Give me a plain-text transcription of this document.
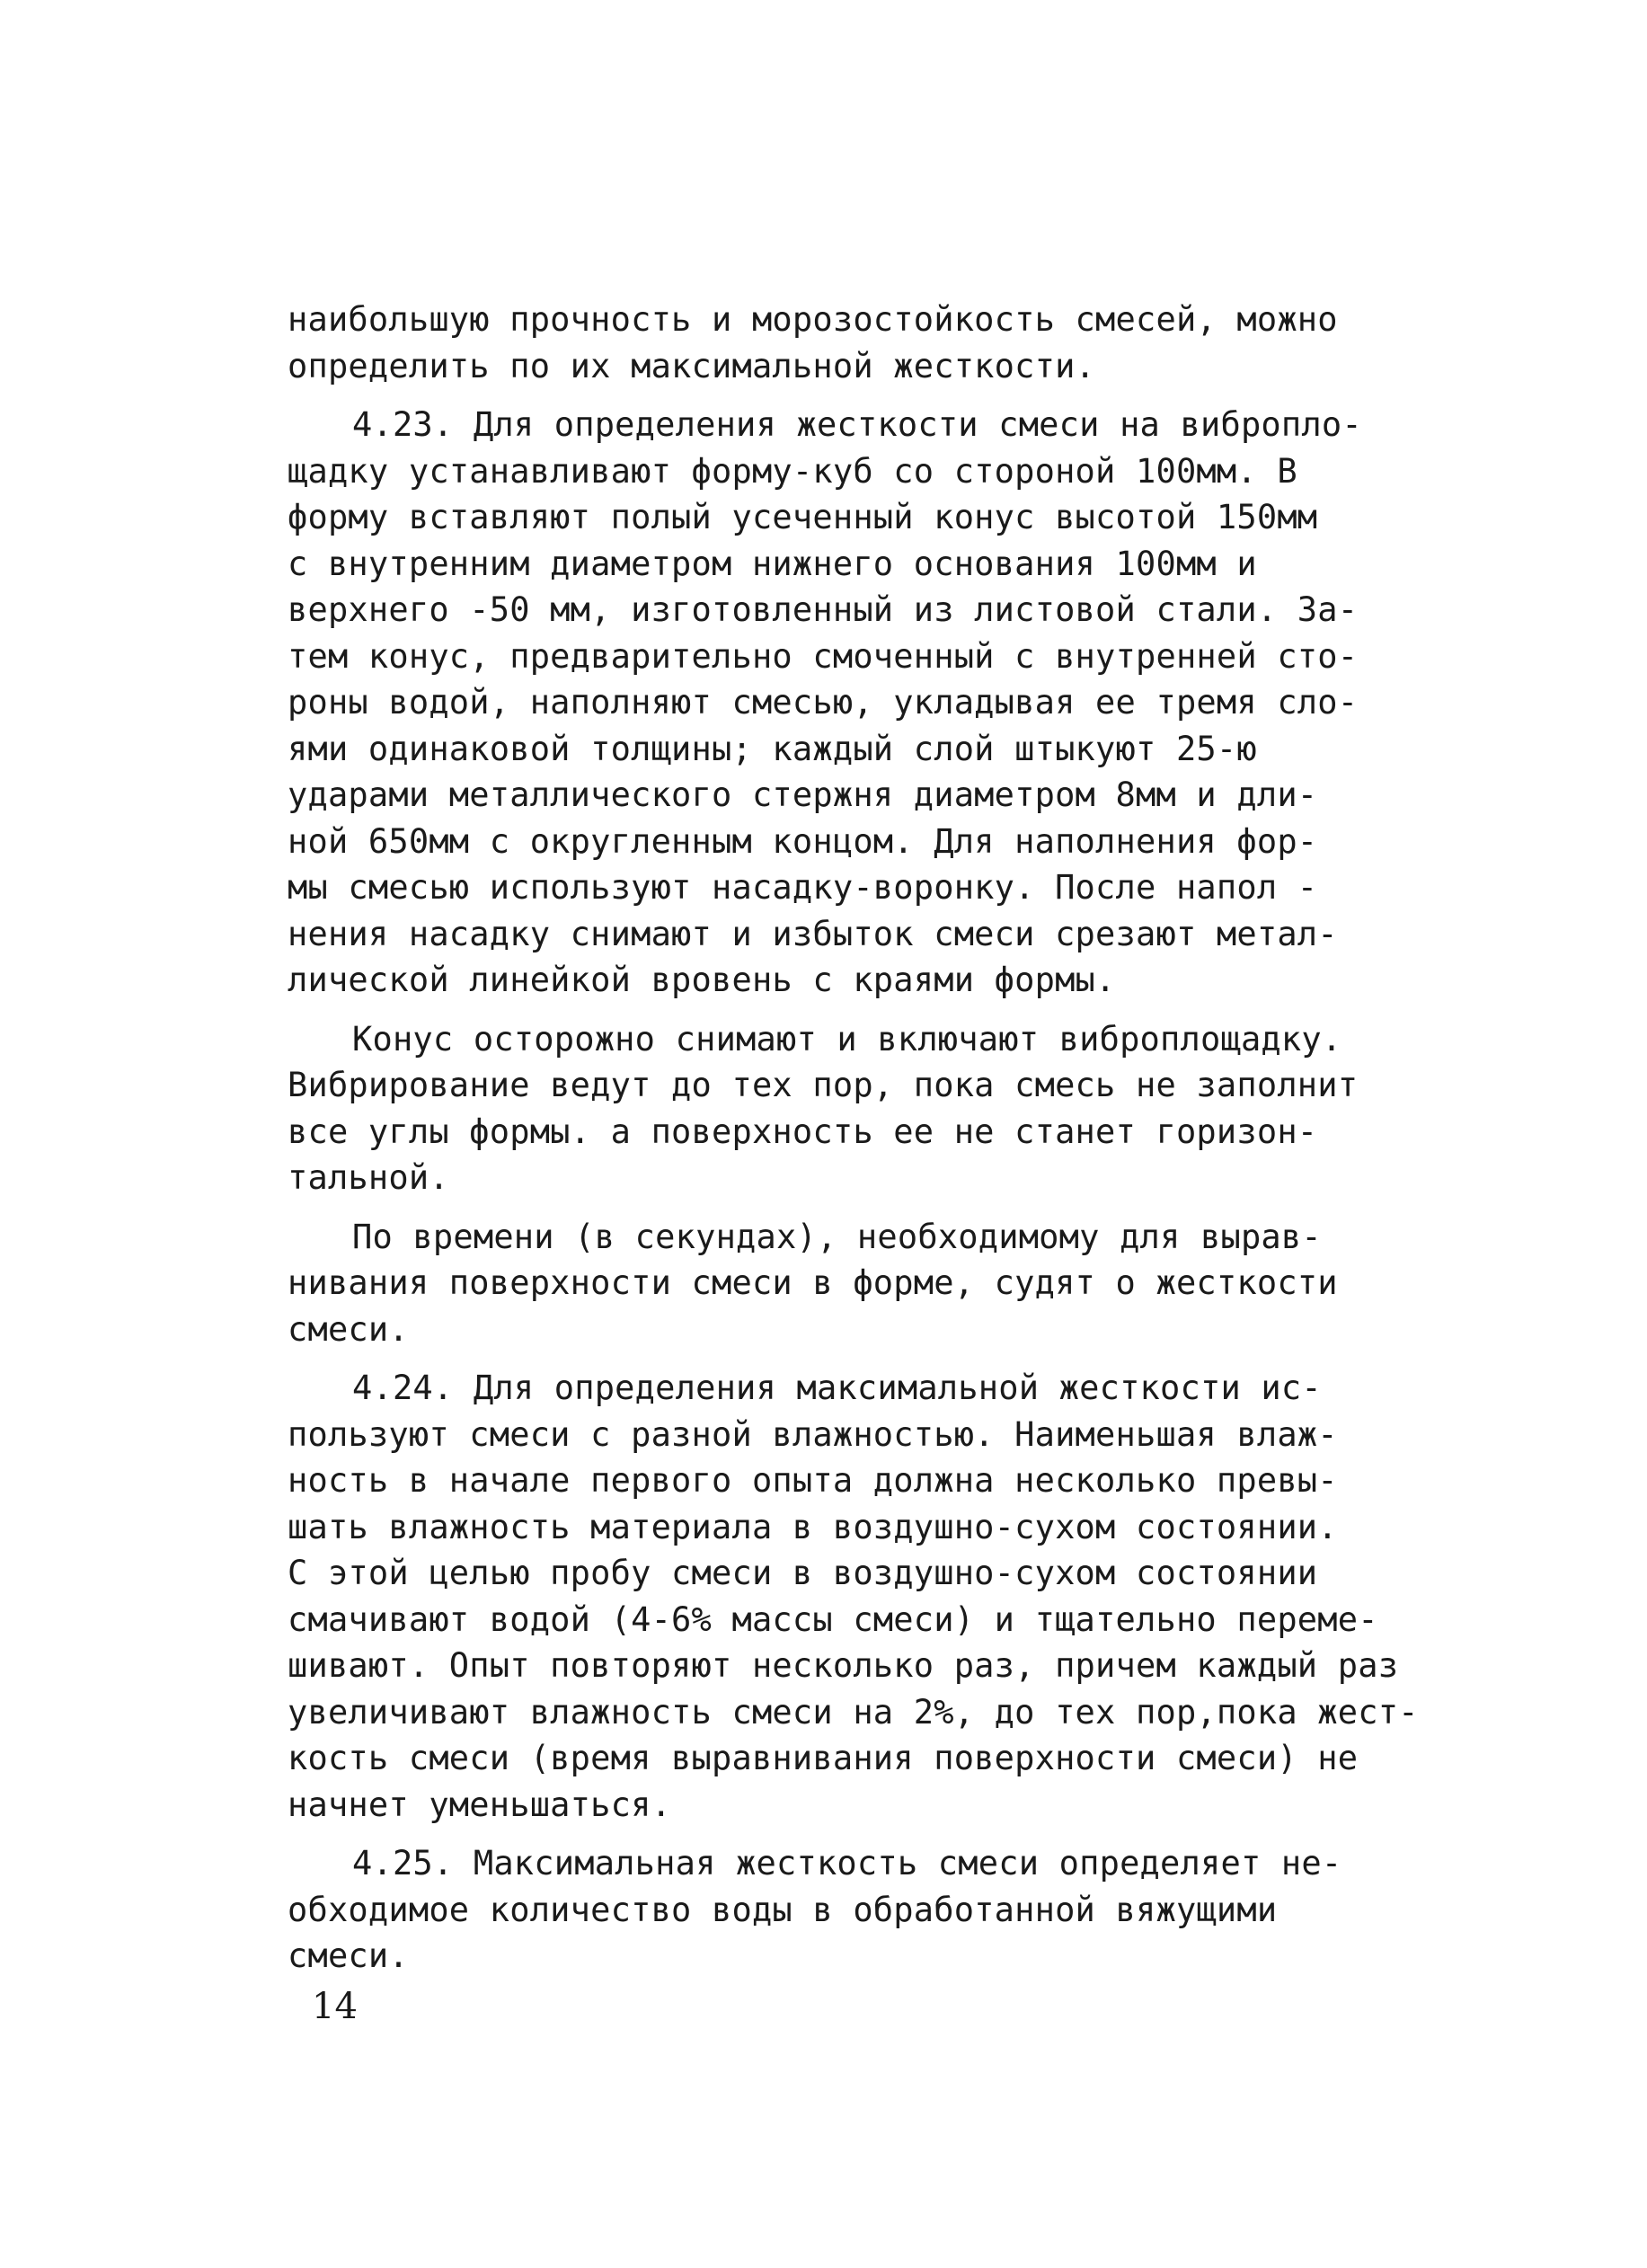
наибольшую прочность и морозостойкость смесей, можно
определить по их максимальной жесткости.

4.23. Для определения жесткости смеси на виброплo-
щадку устанавливают форму-куб со стороной 100мм. В
форму вставляют полый усеченный конус высотой 150мм
с внутренним диаметром нижнего основания 100мм и
верхнего -50 мм, изготовленный из листовой стали. За-
тем конус, предварительно смоченный с внутренней сто-
роны водой, наполняют смесью, укладывая ее тремя сло-
ями одинаковой толщины; каждый слой штыкуют 25-ю
ударами металлического стержня диаметром 8мм и дли-
ной 650мм с округленным концом. Для наполнения фор-
мы смесью используют насадку-воронку. После напол -
нения насадку снимают и избыток смеси срезают метал-
лической линейкой вровень с краями формы.

Конус осторожно снимают и включают виброплощадку.
Вибрирование ведут до тех пор, пока смесь не заполнит
все углы формы. а поверхность ее не станет горизон-
тальной.

По времени (в секундах), необходимому для вырав-
нивания поверхности смеси в форме, судят о жесткости
смеси.

4.24. Для определения максимальной жесткости ис-
пользуют смеси с разной влажностью. Наименьшая влаж-
ность в начале первого опыта должна несколько превы-
шать влажность материала в воздушно-сухом состоянии.
С этой целью пробу смеси в воздушно-сухом состоянии
смачивают водой (4-6% массы смеси) и тщательно переме-
шивают. Опыт повторяют несколько раз, причем каждый раз
увеличивают влажность смеси на 2%, до тех пор,пока жест-
кость смеси (время выравнивания поверхности смеси) не
начнет уменьшаться.

4.25. Максимальная жесткость смеси определяет не-
обходимое количество воды в обработанной вяжущими
смеси.

14
